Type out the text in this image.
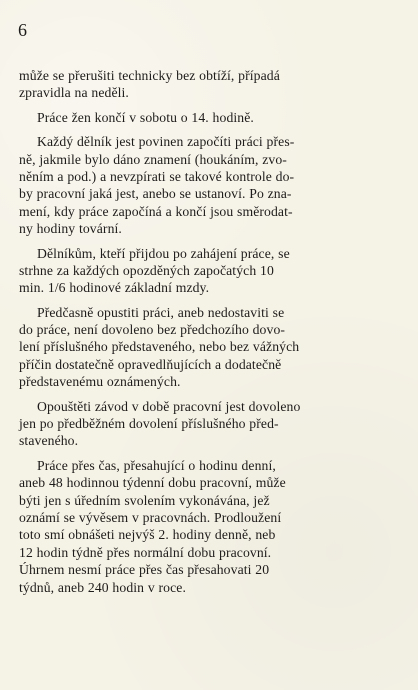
6
může se přerušiti technicky bez obtíží, případá
zpravidla na neděli.
Práce žen končí v sobotu o 14. hodině.
Každý dělník jest povinen započíti práci přes-
ně, jakmile bylo dáno znamení (houkáním, zvo-
něním a pod.) a nevzpírati se takové kontrole do-
by pracovní jaká jest, anebo se ustanoví. Po zna-
mení, kdy práce započíná a končí jsou směrodat-
ny hodiny tovární.
Dělníkům, kteří přijdou po zahájení práce, se
strhne za každých opozděných započatých 10
min. 1/6 hodinové základní mzdy.
Předčasně opustiti práci, aneb nedostaviti se
do práce, není dovoleno bez předchozího dovo-
lení příslušného představeného, nebo bez vážných
příčin dostatečně opravedlňujících a dodatečně
představenému oznámených.
Opouštěti závod v době pracovní jest dovoleno
jen po předběžném dovolení příslušného před-
staveného.
Práce přes čas, přesahující o hodinu denní,
aneb 48 hodinnou týdenní dobu pracovní, může
býti jen s úředním svolením vykonávána, jež
oznámí se vývěsem v pracovnách. Prodloužení
toto smí obnášeti nejvýš 2. hodiny denně, neb
12 hodin týdně přes normální dobu pracovní.
Úhrnem nesmí práce přes čas přesahovati 20
týdnů, aneb 240 hodin v roce.
